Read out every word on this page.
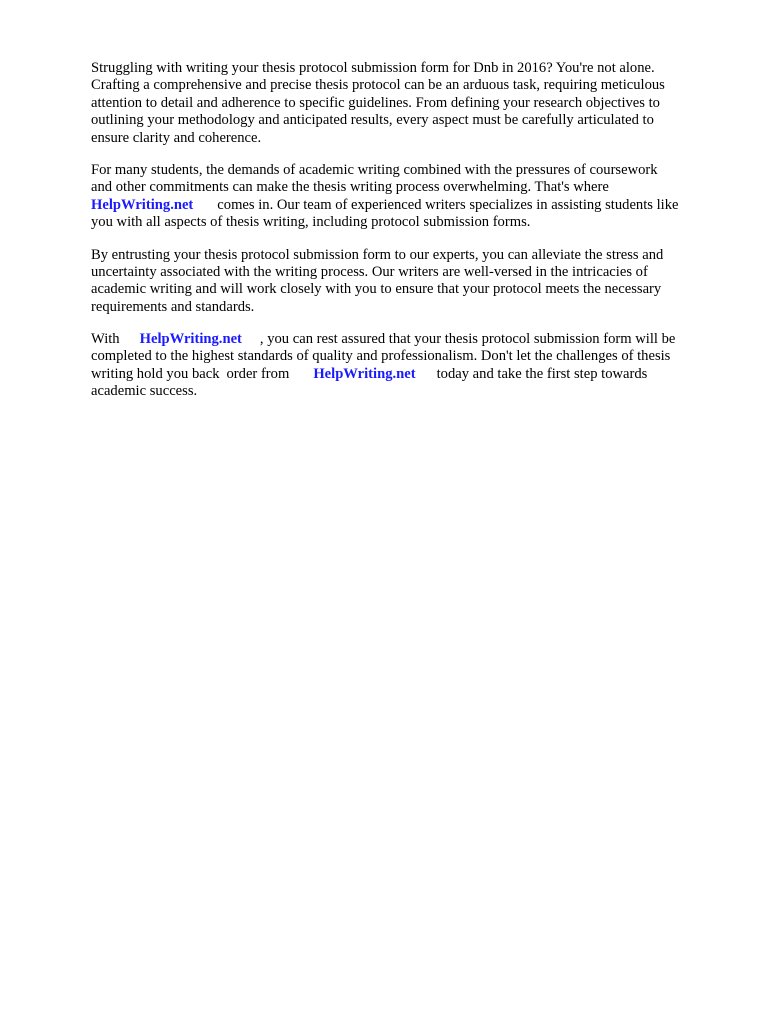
Struggling with writing your thesis protocol submission form for Dnb in 2016? You're not alone.
Crafting a comprehensive and precise thesis protocol can be an arduous task, requiring meticulous
attention to detail and adherence to specific guidelines. From defining your research objectives to
outlining your methodology and anticipated results, every aspect must be carefully articulated to
ensure clarity and coherence.
For many students, the demands of academic writing combined with the pressures of coursework
and other commitments can make the thesis writing process overwhelming. That's where
HelpWriting.net comes in. Our team of experienced writers specializes in assisting students like
you with all aspects of thesis writing, including protocol submission forms.
By entrusting your thesis protocol submission form to our experts, you can alleviate the stress and
uncertainty associated with the writing process. Our writers are well-versed in the intricacies of
academic writing and will work closely with you to ensure that your protocol meets the necessary
requirements and standards.
With HelpWriting.net , you can rest assured that your thesis protocol submission form will be
completed to the highest standards of quality and professionalism. Don't let the challenges of thesis
writing hold you back order from HelpWriting.net today and take the first step towards
academic success.
